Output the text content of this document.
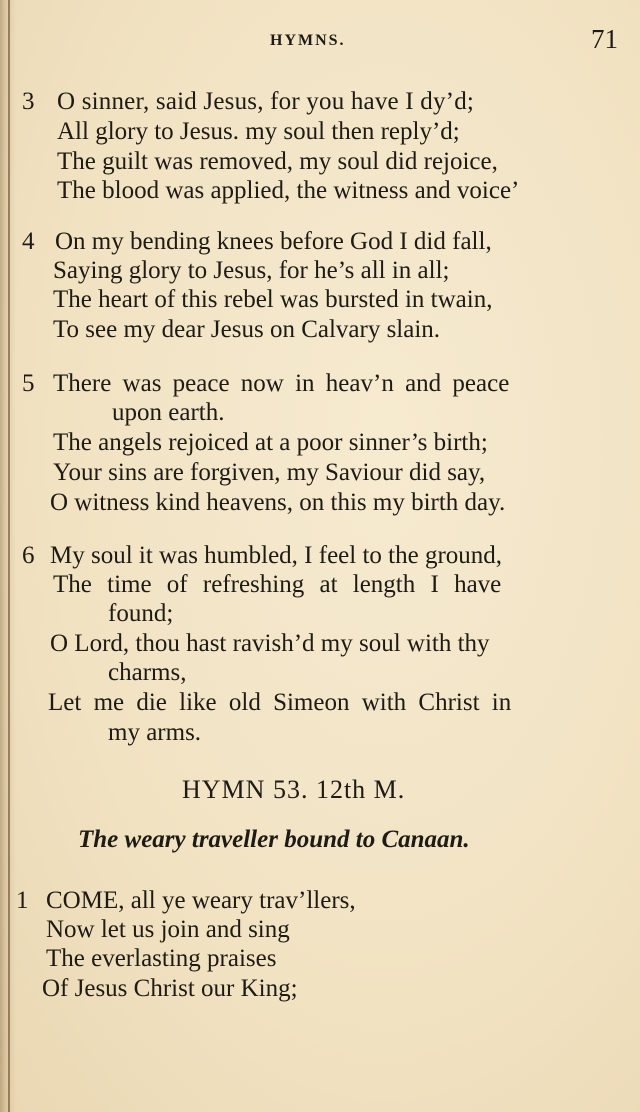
HYMNS.	71
3 O sinner, said Jesus, for you have I dy’d;
All glory to Jesus. my soul then reply’d;
The guilt was removed, my soul did rejoice,
The blood was applied, the witness and voice’
4 On my bending knees before God I did fall,
Saying glory to Jesus, for he’s all in all;
The heart of this rebel was bursted in twain,
To see my dear Jesus on Calvary slain.
5 There was peace now in heav’n and peace
upon earth.
The angels rejoiced at a poor sinner’s birth;
Your sins are forgiven, my Saviour did say,
O witness kind heavens, on this my birth day.
6 My soul it was humbled, I feel to the ground,
The time of refreshing at length I have
found;
O Lord, thou hast ravish’d my soul with thy
charms,
Let me die like old Simeon with Christ in
my arms.
HYMN 53. 12th M.
The weary traveller bound to Canaan.
1 COME, all ye weary trav’llers,
Now let us join and sing
The everlasting praises
Of Jesus Christ our King;
